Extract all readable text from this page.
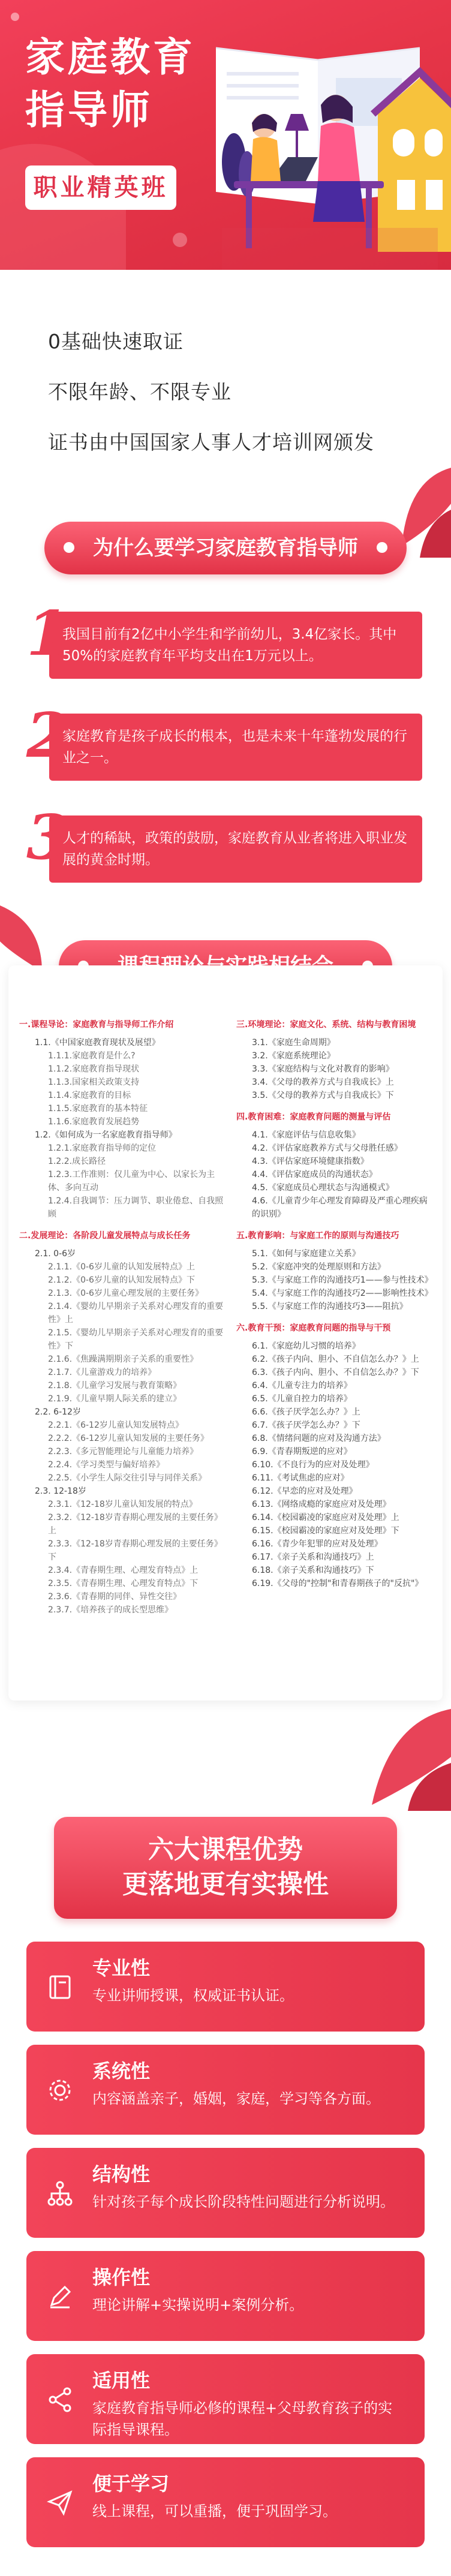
家庭教育
指导师
职业精英班
0基础快速取证
不限年龄、不限专业
证书由中国国家人事人才培训网颁发
为什么要学习家庭教育指导师
1
我国目前有2亿中小学生和学前幼儿，3.4亿家长。其中50%的家庭教育年平均支出在1万元以上。
2
家庭教育是孩子成长的根本，也是未来十年蓬勃发展的行业之一。
3
人才的稀缺，政策的鼓励，家庭教育从业者将进入职业发展的黄金时期。
一.课程导论：家庭教育与指导师工作介绍
1.1.《中国家庭教育现状及展望》
1.1.1.家庭教育是什么?
1.1.2.家庭教育指导现状
1.1.3.国家相关政策支持
1.1.4.家庭教育的目标
1.1.5.家庭教育的基本特征
1.1.6.家庭教育发展趋势
1.2.《如何成为一名家庭教育指导师》
1.2.1.家庭教育指导师的定位
1.2.2.成长路径
1.2.3.工作准则：仅儿童为中心、以家长为主体、多向互动
1.2.4.自我调节：压力调节、职业倦怠、自我照顾
二.发展理论：各阶段儿童发展特点与成长任务
2.1. 0-6岁
2.1.1.《0-6岁儿童的认知发展特点》上
2.1.2.《0-6岁儿童的认知发展特点》下
2.1.3.《0-6岁儿童心理发展的主要任务》
2.1.4.《婴幼儿早期亲子关系对心理发育的重要性》上
2.1.5.《婴幼儿早期亲子关系对心理发育的重要性》下
2.1.6.《焦躁满期期亲子关系的重要性》
2.1.7.《儿童游戏力的培养》
2.1.8.《儿童学习发展与教育策略》
2.1.9.《儿童早期人际关系的建立》
2.2. 6-12岁
2.2.1.《6-12岁儿童认知发展特点》
2.2.2.《6-12岁儿童认知发展的主要任务》
2.2.3.《多元智能理论与儿童能力培养》
2.2.4.《学习类型与偏好培养》
2.2.5.《小学生人际交往引导与同伴关系》
2.3. 12-18岁
2.3.1.《12-18岁儿童认知发展的特点》
2.3.2.《12-18岁青春期心理发展的主要任务》上
2.3.3.《12-18岁青春期心理发展的主要任务》下
2.3.4.《青春期生理、心理发育特点》上
2.3.5.《青春期生理、心理发育特点》下
2.3.6.《青春期的同伴、异性交往》
2.3.7.《培养孩子的成长型思维》
三.环境理论：家庭文化、系统、结构与教育困境
3.1.《家庭生命周期》
3.2.《家庭系统理论》
3.3.《家庭结构与文化对教育的影响》
3.4.《父母的教养方式与自我成长》上
3.5.《父母的教养方式与自我成长》下
四.教育困难：家庭教育问题的测量与评估
4.1.《家庭评估与信息收集》
4.2.《评估家庭教养方式与父母胜任感》
4.3.《评估家庭环境健康指数》
4.4.《评估家庭成员的沟通状态》
4.5.《家庭成员心理状态与沟通模式》
4.6.《儿童青少年心理发育障碍及严重心理疾病的识别》
五.教育影响：与家庭工作的原则与沟通技巧
5.1.《如何与家庭建立关系》
5.2.《家庭冲突的处理原则和方法》
5.3.《与家庭工作的沟通技巧1——参与性技术》
5.4.《与家庭工作的沟通技巧2——影响性技术》
5.5.《与家庭工作的沟通技巧3——阻抗》
六.教育干预：家庭教育问题的指导与干预
6.1.《家庭幼儿习惯的培养》
6.2.《孩子内向、胆小、不自信怎么办？》上
6.3.《孩子内向、胆小、不自信怎么办？》下
6.4.《儿童专注力的培养》
6.5.《儿童自控力的培养》
6.6.《孩子厌学怎么办？》上
6.7.《孩子厌学怎么办？》下
6.8.《情绪问题的应对及沟通方法》
6.9.《青春期叛逆的应对》
6.10.《不良行为的应对及处理》
6.11.《考试焦虑的应对》
6.12.《早恋的应对及处理》
6.13.《网络成瘾的家庭应对及处理》
6.14.《校园霸凌的家庭应对及处理》上
6.15.《校园霸凌的家庭应对及处理》下
6.16.《青少年犯罪的应对及处理》
6.17.《亲子关系和沟通技巧》上
6.18.《亲子关系和沟通技巧》下
6.19.《父母的"控制"和青春期孩子的"反抗"》
六大课程优势
更落地更有实操性
专业性
专业讲师授课，权威证书认证。
系统性
内容涵盖亲子，婚姻，家庭，学习等各方面。
结构性
针对孩子每个成长阶段特性问题进行分析说明。
操作性
理论讲解+实操说明+案例分析。
适用性
家庭教育指导师必修的课程+父母教育孩子的实际指导课程。
便于学习
线上课程，可以重播，便于巩固学习。
